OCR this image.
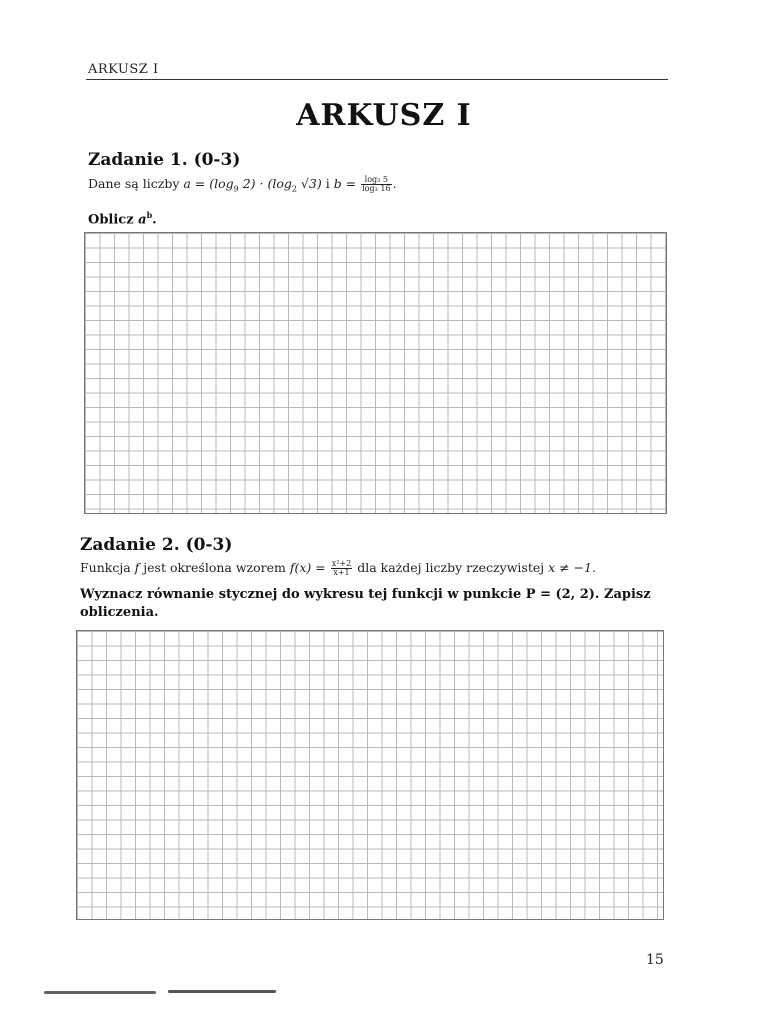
ARKUSZ I
ARKUSZ I
Zadanie 1. (0-3)
Dane są liczby $a = (\log_9$ $2) \cdot (\log_2$ √3) i $b = \frac{\text{log₃ 5}}{\text{log₃ 16}}$ .
Oblicz $a^b$.
Zadanie 2. (0-3)
Funkcja f jest określona wzorem $f(x) = \frac{\text{x²+2}}{x+1}$ dla każdej liczby rzeczywistej x ≠ −1.
Wyznacz równanie stycznej do wykresu tej funkcji w punkcie P = (2, 2). Zapisz obliczenia.
15
